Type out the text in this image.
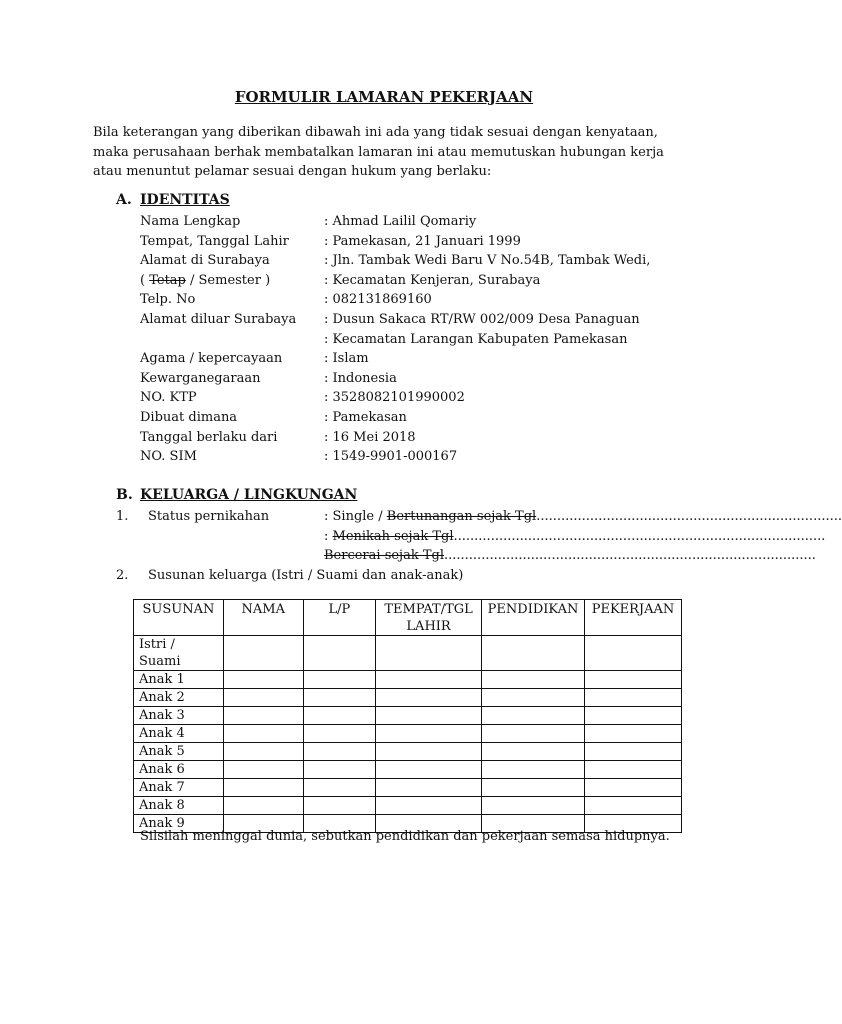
FORMULIR LAMARAN PEKERJAAN
Bila keterangan yang diberikan dibawah ini ada yang tidak sesuai dengan kenyataan,
maka perusahaan berhak membatalkan lamaran ini atau memutuskan hubungan kerja
atau menuntut pelamar sesuai dengan hukum yang berlaku:
A. IDENTITAS
Nama Lengkap	: Ahmad Lailil Qomariy
Tempat, Tanggal Lahir	: Pamekasan, 21 Januari 1999
Alamat di Surabaya	: Jln. Tambak Wedi Baru V No.54B, Tambak Wedi,
( Tetap / Semester )	: Kecamatan Kenjeran, Surabaya
Telp. No	: 082131869160
Alamat diluar Surabaya : Dusun Sakaca RT/RW 002/009 Desa Panaguan
: Kecamatan Larangan Kabupaten Pamekasan
Agama / kepercayaan	: Islam
Kewarganegaraan	: Indonesia
NO. KTP	: 3528082101990002
Dibuat dimana	: Pamekasan
Tanggal berlaku dari	: 16 Mei 2018
NO. SIM	: 1549-9901-000167
B. KELUARGA / LINGKUNGAN
1. Status pernikahan	: Single / Bertunangan sejak Tgl..........................................................................
: Menikah sejak Tgl..........................................................................................
Bercerai sejak Tgl..........................................................................................
2. Susunan keluarga (Istri / Suami dan anak-anak)
SUSUNAN	NAMA	L/P	TEMPAT/TGL LAHIR	PENDIDIKAN	PEKERJAAN
Istri / Suami					
Anak 1					
Anak 2					
Anak 3					
Anak 4					
Anak 5					
Anak 6					
Anak 7					
Anak 8					
Anak 9					
Silsilah meninggal dunia, sebutkan pendidikan dan pekerjaan semasa hidupnya.
